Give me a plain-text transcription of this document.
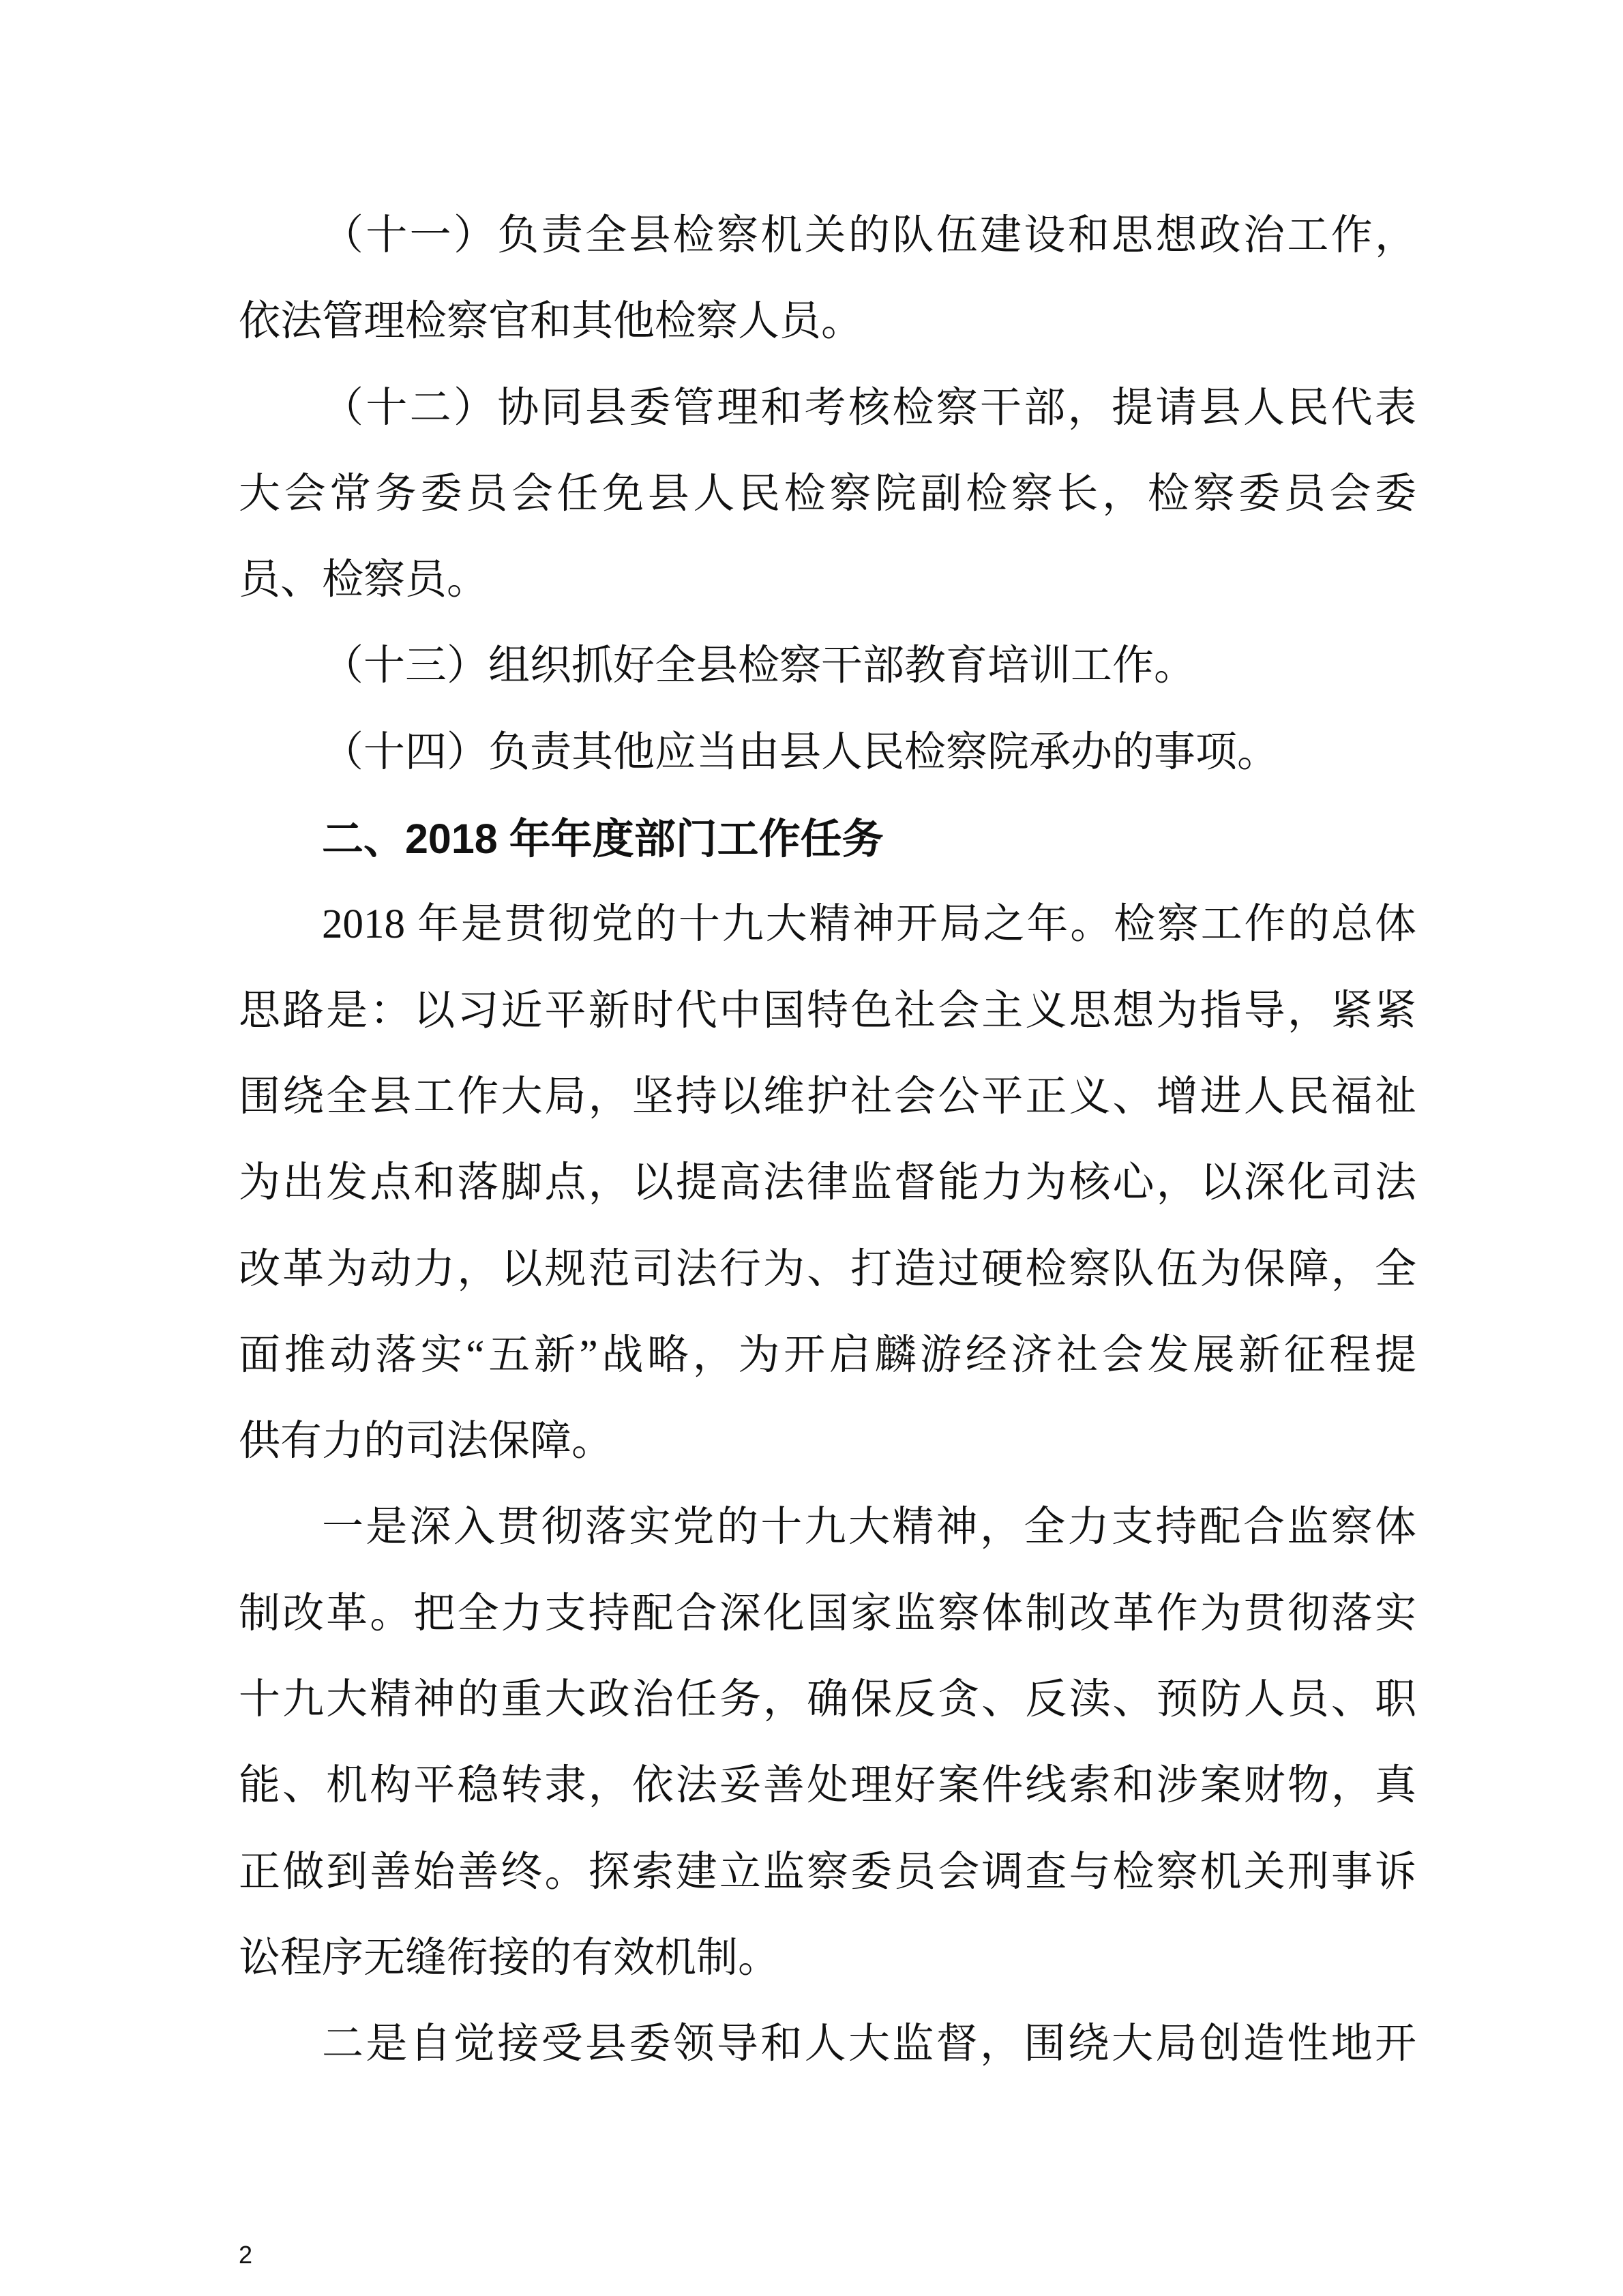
（十一）负责全县检察机关的队伍建设和思想政治工作，
依法管理检察官和其他检察人员。
（十二）协同县委管理和考核检察干部，提请县人民代表
大会常务委员会任免县人民检察院副检察长，检察委员会委
员、检察员。
（十三）组织抓好全县检察干部教育培训工作。
（十四）负责其他应当由县人民检察院承办的事项。
二、2018 年年度部门工作任务
2018 年是贯彻党的十九大精神开局之年。检察工作的总体
思路是：以习近平新时代中国特色社会主义思想为指导，紧紧
围绕全县工作大局，坚持以维护社会公平正义、增进人民福祉
为出发点和落脚点，以提高法律监督能力为核心，以深化司法
改革为动力，以规范司法行为、打造过硬检察队伍为保障，全
面推动落实“五新”战略，为开启麟游经济社会发展新征程提
供有力的司法保障。
一是深入贯彻落实党的十九大精神，全力支持配合监察体
制改革。把全力支持配合深化国家监察体制改革作为贯彻落实
十九大精神的重大政治任务，确保反贪、反渎、预防人员、职
能、机构平稳转隶，依法妥善处理好案件线索和涉案财物，真
正做到善始善终。探索建立监察委员会调查与检察机关刑事诉
讼程序无缝衔接的有效机制。
二是自觉接受县委领导和人大监督，围绕大局创造性地开
2
